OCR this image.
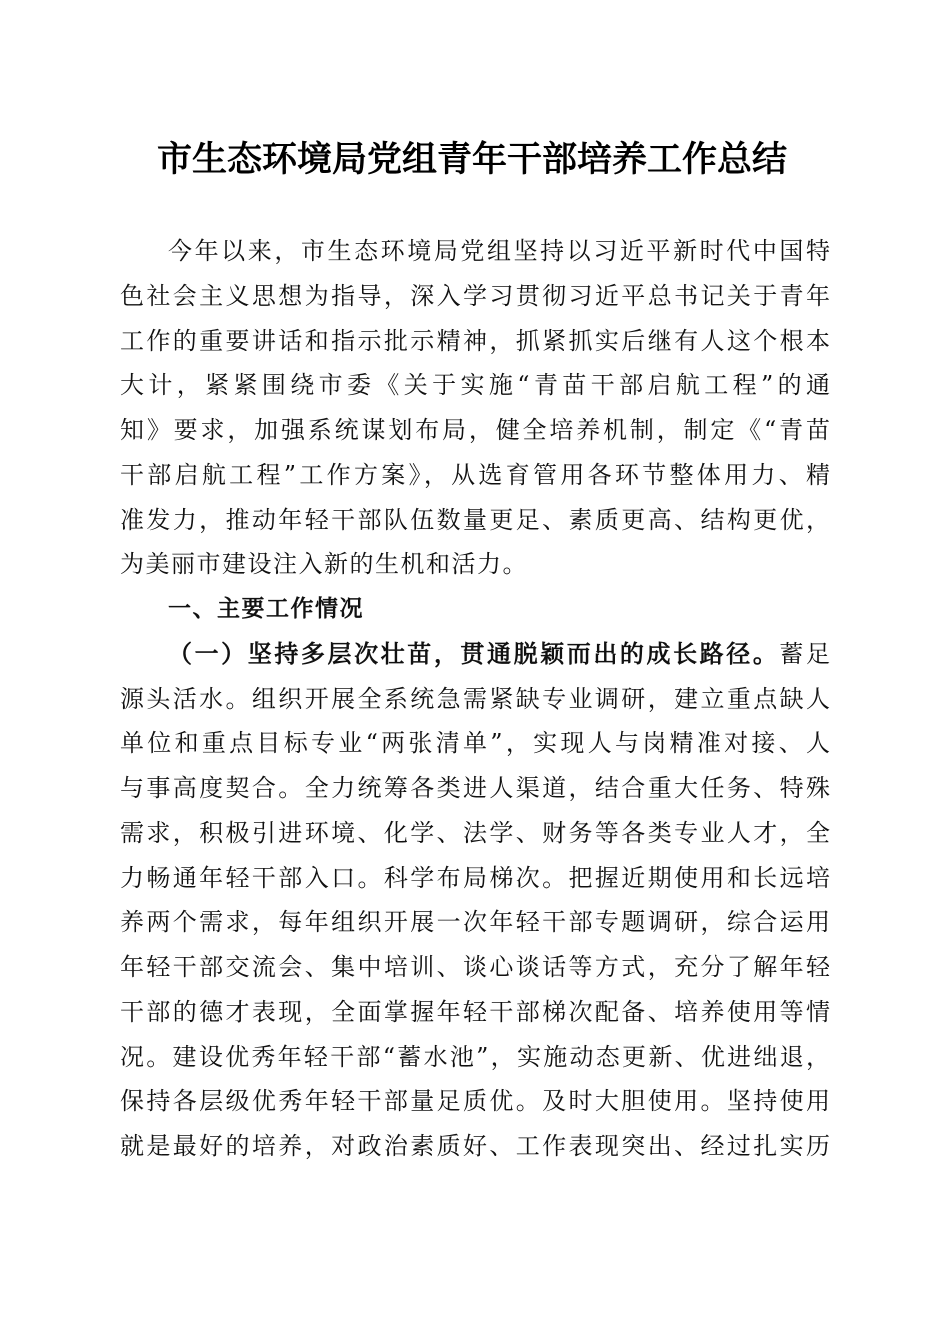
市生态环境局党组青年干部培养工作总结
今年以来，市生态环境局党组坚持以习近平新时代中国特
色社会主义思想为指导，深入学习贯彻习近平总书记关于青年
工作的重要讲话和指示批示精神，抓紧抓实后继有人这个根本
大计，紧紧围绕市委《关于实施“青苗干部启航工程”的通
知》要求，加强系统谋划布局，健全培养机制，制定《“青苗
干部启航工程”工作方案》，从选育管用各环节整体用力、精
准发力，推动年轻干部队伍数量更足、素质更高、结构更优，
为美丽市建设注入新的生机和活力。
一、主要工作情况
（一）坚持多层次壮苗，贯通脱颖而出的成长路径。蓄足
源头活水。组织开展全系统急需紧缺专业调研，建立重点缺人
单位和重点目标专业“两张清单”，实现人与岗精准对接、人
与事高度契合。全力统筹各类进人渠道，结合重大任务、特殊
需求，积极引进环境、化学、法学、财务等各类专业人才，全
力畅通年轻干部入口。科学布局梯次。把握近期使用和长远培
养两个需求，每年组织开展一次年轻干部专题调研，综合运用
年轻干部交流会、集中培训、谈心谈话等方式，充分了解年轻
干部的德才表现，全面掌握年轻干部梯次配备、培养使用等情
况。建设优秀年轻干部“蓄水池”，实施动态更新、优进绌退，
保持各层级优秀年轻干部量足质优。及时大胆使用。坚持使用
就是最好的培养，对政治素质好、工作表现突出、经过扎实历
